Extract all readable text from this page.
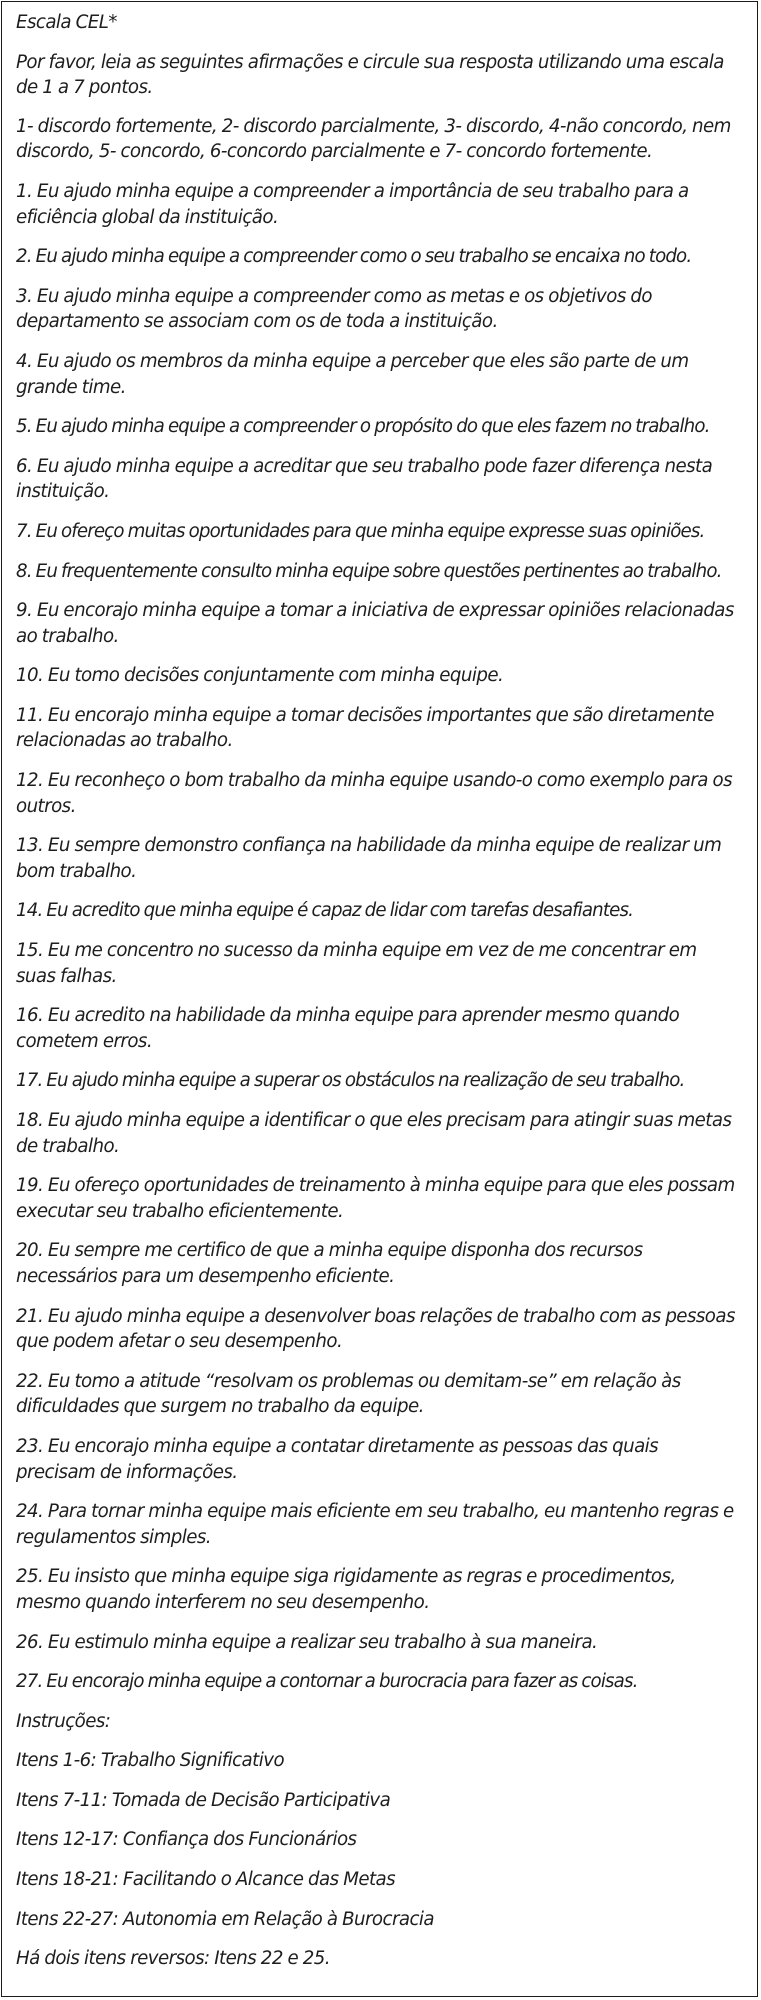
Escala CEL*

Por favor, leia as seguintes afirmações e circule sua resposta utilizando uma escala de 1 a 7 pontos.

1- discordo fortemente, 2- discordo parcialmente, 3- discordo, 4-não concordo, nem discordo, 5- concordo, 6-concordo parcialmente e 7- concordo fortemente.

1. Eu ajudo minha equipe a compreender a importância de seu trabalho para a eficiência global da instituição.
2. Eu ajudo minha equipe a compreender como o seu trabalho se encaixa no todo.
3. Eu ajudo minha equipe a compreender como as metas e os objetivos do departamento se associam com os de toda a instituição.
4. Eu ajudo os membros da minha equipe a perceber que eles são parte de um grande time.
5. Eu ajudo minha equipe a compreender o propósito do que eles fazem no trabalho.
6. Eu ajudo minha equipe a acreditar que seu trabalho pode fazer diferença nesta instituição.
7. Eu ofereço muitas oportunidades para que minha equipe expresse suas opiniões.
8. Eu frequentemente consulto minha equipe sobre questões pertinentes ao trabalho.
9. Eu encorajo minha equipe a tomar a iniciativa de expressar opiniões relacionadas ao trabalho.
10. Eu tomo decisões conjuntamente com minha equipe.
11. Eu encorajo minha equipe a tomar decisões importantes que são diretamente relacionadas ao trabalho.
12. Eu reconheço o bom trabalho da minha equipe usando-o como exemplo para os outros.
13. Eu sempre demonstro confiança na habilidade da minha equipe de realizar um bom trabalho.
14. Eu acredito que minha equipe é capaz de lidar com tarefas desafiantes.
15. Eu me concentro no sucesso da minha equipe em vez de me concentrar em suas falhas.
16. Eu acredito na habilidade da minha equipe para aprender mesmo quando cometem erros.
17. Eu ajudo minha equipe a superar os obstáculos na realização de seu trabalho.
18. Eu ajudo minha equipe a identificar o que eles precisam para atingir suas metas de trabalho.
19. Eu ofereço oportunidades de treinamento à minha equipe para que eles possam executar seu trabalho eficientemente.
20. Eu sempre me certifico de que a minha equipe disponha dos recursos necessários para um desempenho eficiente.
21. Eu ajudo minha equipe a desenvolver boas relações de trabalho com as pessoas que podem afetar o seu desempenho.
22. Eu tomo a atitude “resolvam os problemas ou demitam-se” em relação às dificuldades que surgem no trabalho da equipe.
23. Eu encorajo minha equipe a contatar diretamente as pessoas das quais precisam de informações.
24. Para tornar minha equipe mais eficiente em seu trabalho, eu mantenho regras e regulamentos simples.
25. Eu insisto que minha equipe siga rigidamente as regras e procedimentos, mesmo quando interferem no seu desempenho.
26. Eu estimulo minha equipe a realizar seu trabalho à sua maneira.
27. Eu encorajo minha equipe a contornar a burocracia para fazer as coisas.

Instruções:

Itens 1-6: Trabalho Significativo

Itens 7-11: Tomada de Decisão Participativa

Itens 12-17: Confiança dos Funcionários

Itens 18-21: Facilitando o Alcance das Metas

Itens 22-27: Autonomia em Relação à Burocracia

Há dois itens reversos: Itens 22 e 25.
